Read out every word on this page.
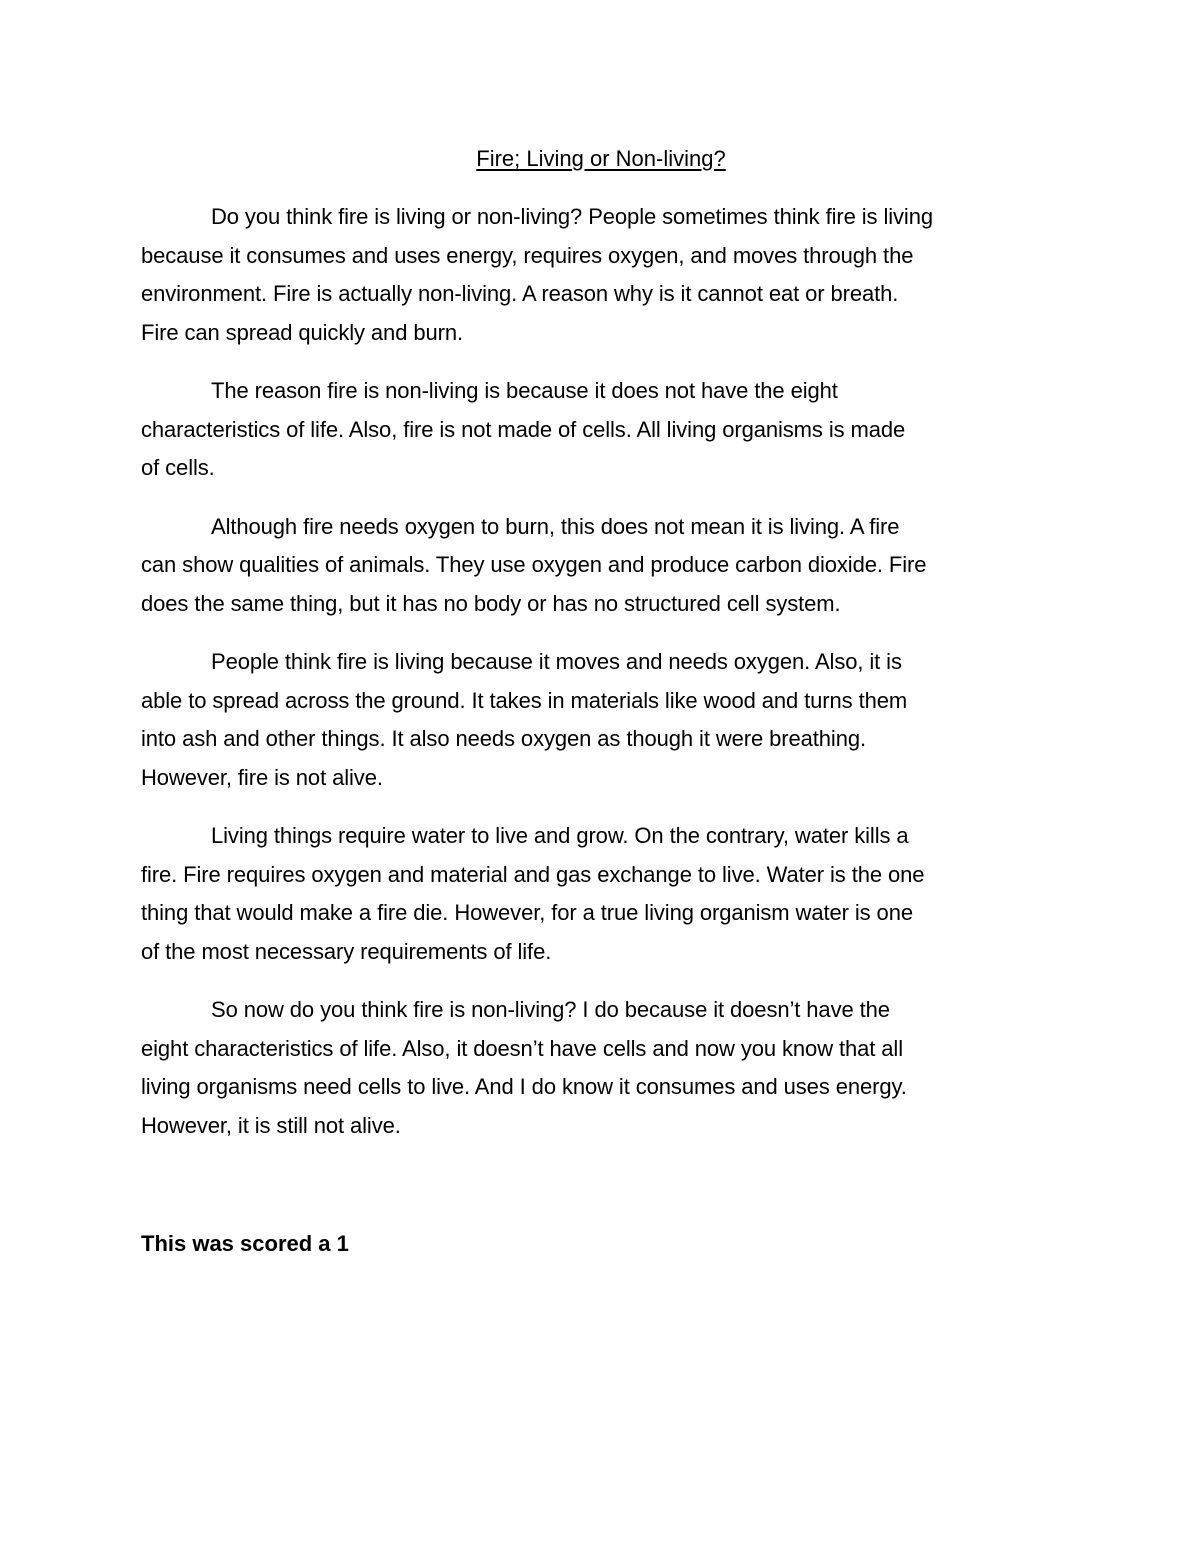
Fire; Living or Non-living?

Do you think fire is living or non-living? People sometimes think fire is living
because it consumes and uses energy, requires oxygen, and moves through the
environment. Fire is actually non-living. A reason why is it cannot eat or breath.
Fire can spread quickly and burn.

The reason fire is non-living is because it does not have the eight
characteristics of life. Also, fire is not made of cells. All living organisms is made
of cells.

Although fire needs oxygen to burn, this does not mean it is living. A fire
can show qualities of animals. They use oxygen and produce carbon dioxide. Fire
does the same thing, but it has no body or has no structured cell system.

People think fire is living because it moves and needs oxygen. Also, it is
able to spread across the ground. It takes in materials like wood and turns them
into ash and other things. It also needs oxygen as though it were breathing.
However, fire is not alive.

Living things require water to live and grow. On the contrary, water kills a
fire. Fire requires oxygen and material and gas exchange to live. Water is the one
thing that would make a fire die. However, for a true living organism water is one
of the most necessary requirements of life.

So now do you think fire is non-living? I do because it doesn’t have the
eight characteristics of life. Also, it doesn’t have cells and now you know that all
living organisms need cells to live. And I do know it consumes and uses energy.
However, it is still not alive.

This was scored a 1
